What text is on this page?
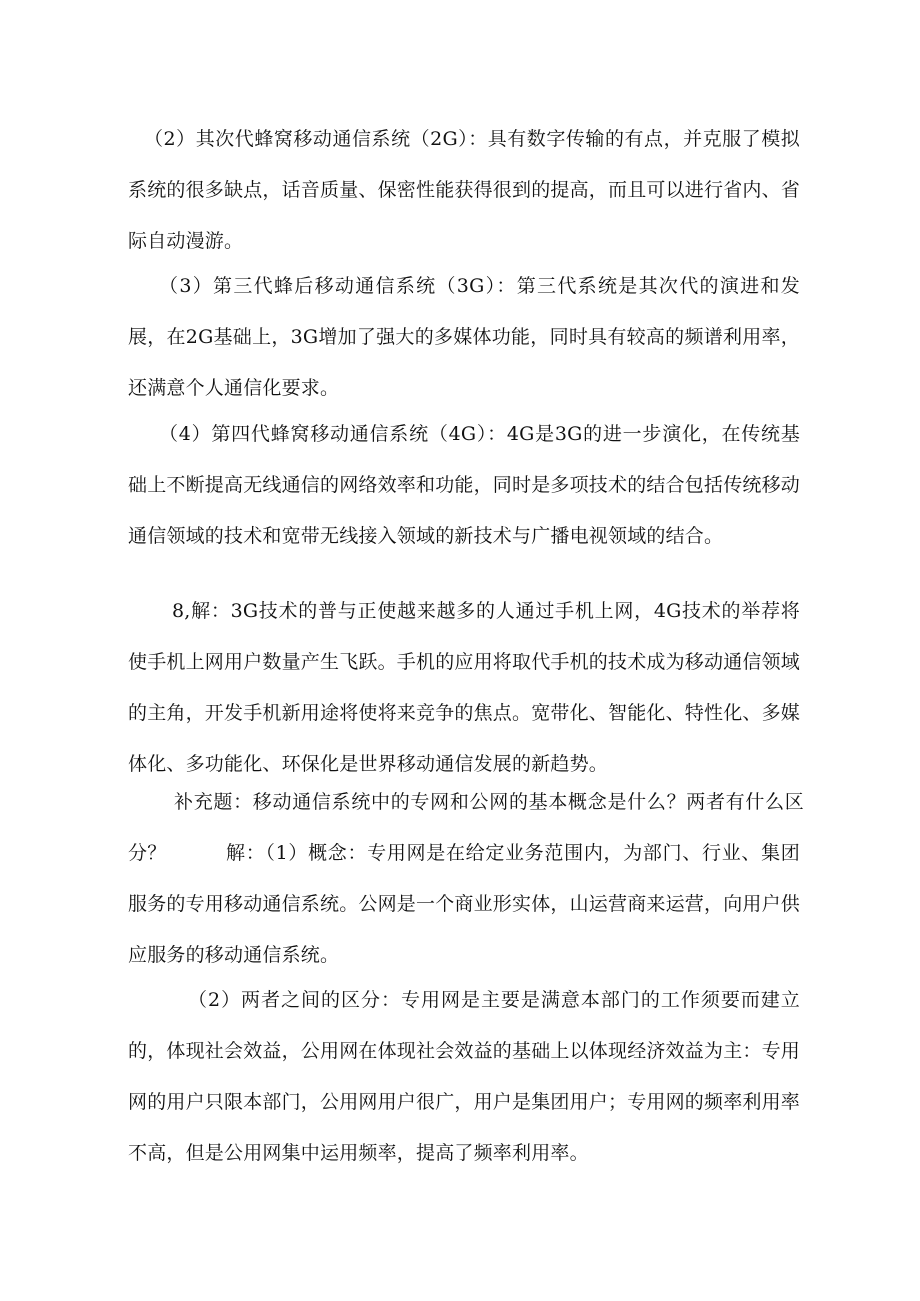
（2）其次代蜂窝移动通信系统（2G）：具有数字传输的有点，并克服了模拟系统的很多缺点，话音质量、保密性能获得很到的提高，而且可以进行省内、省际自动漫游。

（3）第三代蜂后移动通信系统（3G）：第三代系统是其次代的演进和发展，在2G基础上，3G增加了强大的多媒体功能，同时具有较高的频谱利用率，还满意个人通信化要求。

（4）第四代蜂窝移动通信系统（4G）：4G是3G的进一步演化，在传统基础上不断提高无线通信的网络效率和功能，同时是多项技术的结合包括传统移动通信领域的技术和宽带无线接入领域的新技术与广播电视领域的结合。

8,解：3G技术的普与正使越来越多的人通过手机上网，4G技术的举荐将使手机上网用户数量产生飞跃。手机的应用将取代手机的技术成为移动通信领域的主角，开发手机新用途将使将来竞争的焦点。宽带化、智能化、特性化、多媒体化、多功能化、环保化是世界移动通信发展的新趋势。

补充题：移动通信系统中的专网和公网的基本概念是什么？两者有什么区分？	解：（1）概念：专用网是在给定业务范围内，为部门、行业、集团服务的专用移动通信系统。公网是一个商业形实体，山运营商来运营，向用户供应服务的移动通信系统。

（2）两者之间的区分：专用网是主要是满意本部门的工作须要而建立的，体现社会效益，公用网在体现社会效益的基础上以体现经济效益为主：专用网的用户只限本部门，公用网用户很广，用户是集团用户；专用网的频率利用率不高，但是公用网集中运用频率，提高了频率利用率。
